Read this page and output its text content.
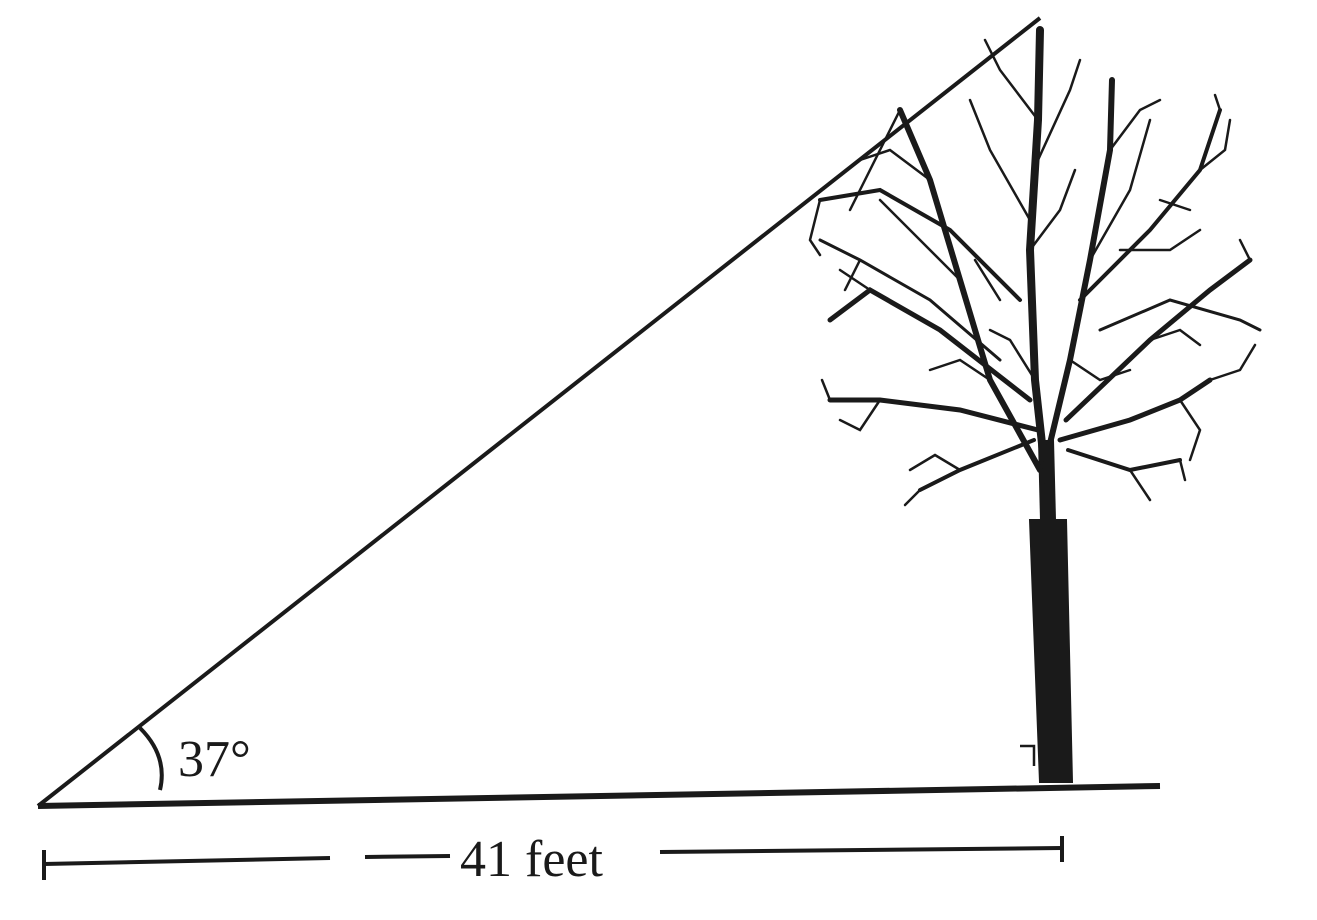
37°
41 feet
